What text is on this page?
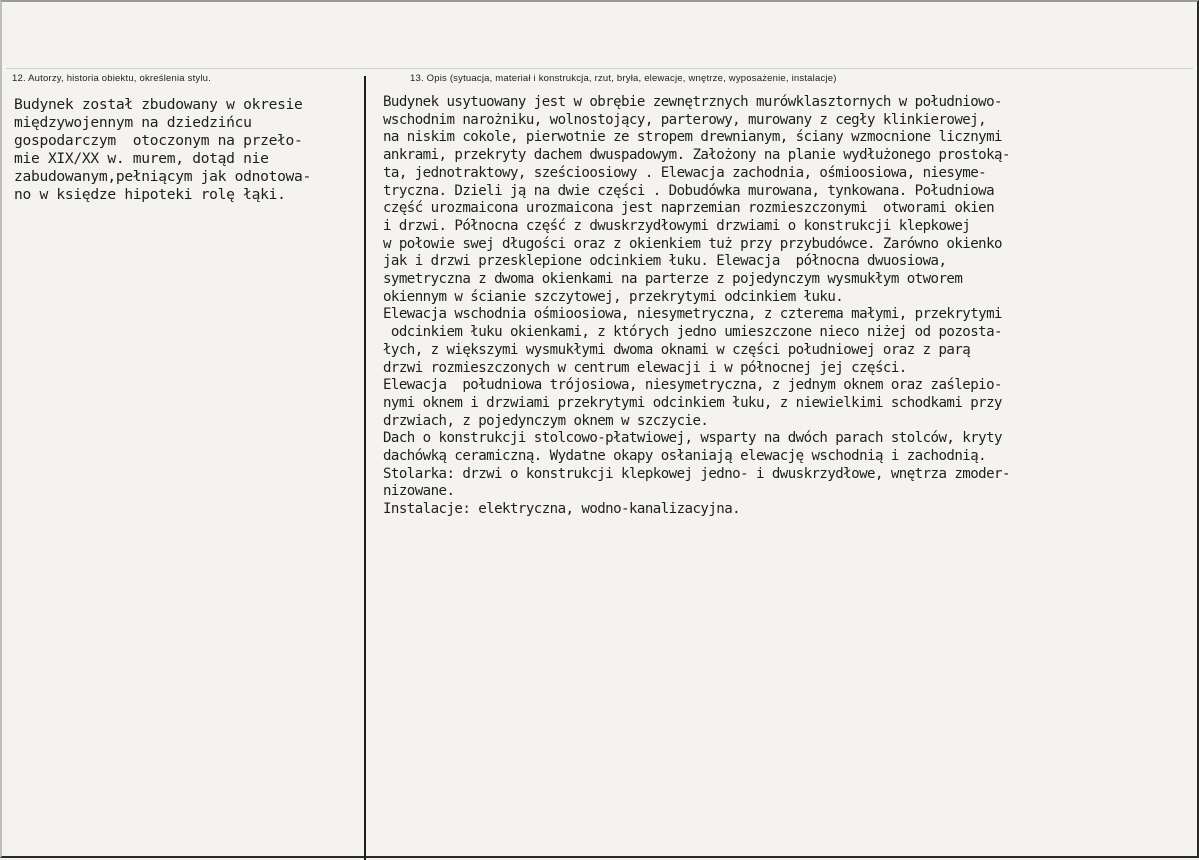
12. Autorzy, historia obiektu, określenia stylu.	13. Opis (sytuacja, materiał i konstrukcja, rzut, bryła, elewacje, wnętrze, wyposażenie, instalacje)
Budynek został zbudowany w okresie
międzywojennym na dziedzińcu
gospodarczym  otoczonym na przeło-
mie XIX/XX w. murem, dotąd nie
zabudowanym,pełniącym jak odnotowa-
no w księdze hipoteki rolę łąki.
Budynek usytuowany jest w obrębie zewnętrznych murówklasztornych w południowo-
wschodnim narożniku, wolnostojący, parterowy, murowany z cegły klinkierowej,
na niskim cokole, pierwotnie ze stropem drewnianym, ściany wzmocnione licznymi
ankrami, przekryty dachem dwuspadowym. Założony na planie wydłużonego prostoką-
ta, jednotraktowy, sześcioosiowy . Elewacja zachodnia, ośmioosiowa, niesyme-
tryczna. Dzieli ją na dwie części . Dobudówka murowana, tynkowana. Południowa
część urozmaicona urozmaicona jest naprzemian rozmieszczonymi  otworami okien
i drzwi. Północna część z dwuskrzydłowymi drzwiami o konstrukcji klepkowej
w połowie swej długości oraz z okienkiem tuż przy przybudówce. Zarówno okienko
jak i drzwi przesklepione odcinkiem łuku. Elewacja  północna dwuosiowa,
symetryczna z dwoma okienkami na parterze z pojedynczym wysmukłym otworem
okiennym w ścianie szczytowej, przekrytymi odcinkiem łuku.
Elewacja wschodnia ośmioosiowa, niesymetryczna, z czterema małymi, przekrytymi
odcinkiem łuku okienkami, z których jedno umieszczone nieco niżej od pozosta-
łych, z większymi wysmukłymi dwoma oknami w części południowej oraz z parą
drzwi rozmieszczonych w centrum elewacji i w północnej jej części.
Elewacja  południowa trójosiowa, niesymetryczna, z jednym oknem oraz zaślepio-
nymi oknem i drzwiami przekrytymi odcinkiem łuku, z niewielkimi schodkami przy
drzwiach, z pojedynczym oknem w szczycie.
Dach o konstrukcji stolcowo-płatwiowej, wsparty na dwóch parach stolców, kryty
dachówką ceramiczną. Wydatne okapy osłaniają elewację wschodnią i zachodnią.
Stolarka: drzwi o konstrukcji klepkowej jedno- i dwuskrzydłowe, wnętrza zmoder-
nizowane.
Instalacje: elektryczna, wodno-kanalizacyjna.
